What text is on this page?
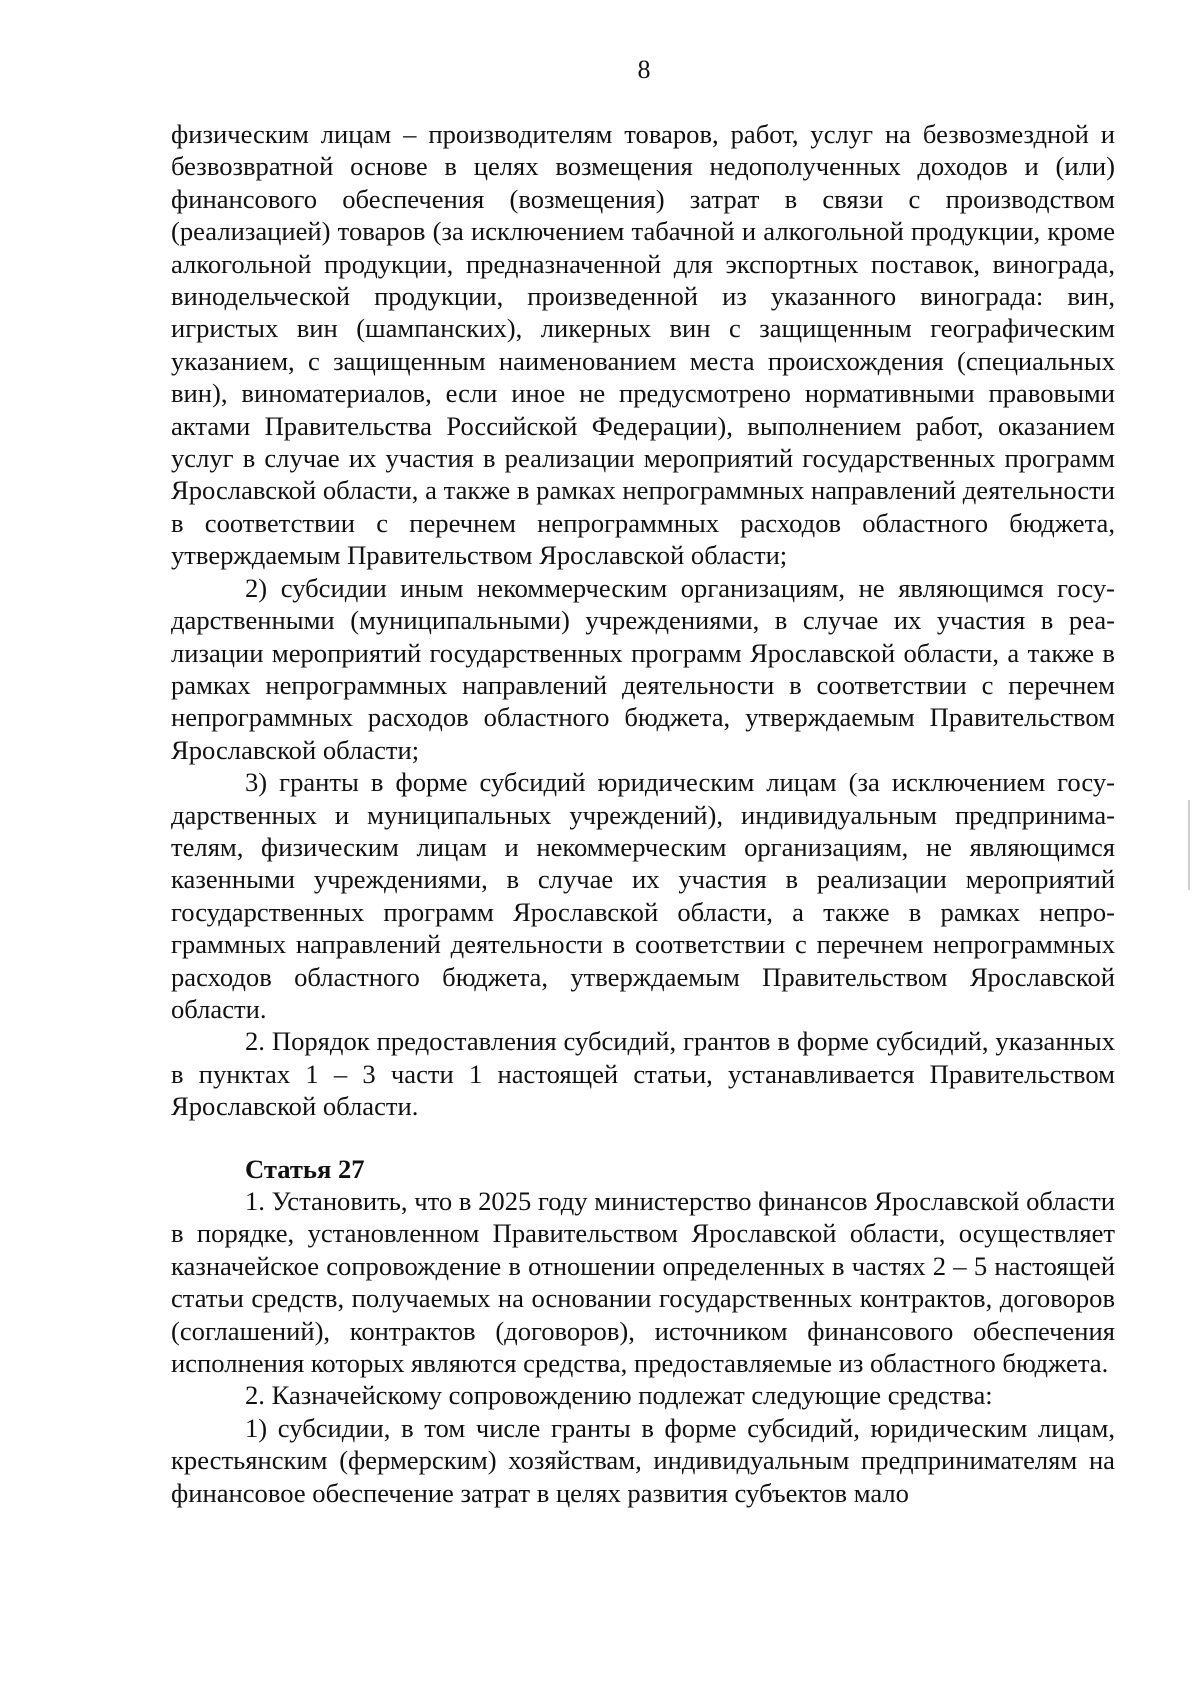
8

физическим лицам – производителям товаров, работ, услуг на безвозмездной и безвозвратной основе в целях возмещения недополученных доходов и (или) финансового обеспечения (возмещения) затрат в связи с производством (реализацией) товаров (за исключением табачной и алкогольной продукции, кроме алкогольной продукции, предназначенной для экспортных поставок, винограда, винодельческой продукции, произведенной из указанного винограда: вин, игристых вин (шампанских), ликерных вин с защищенным географическим указанием, с защищенным наименованием места происхождения (специальных вин), виноматериалов, если иное не предусмотрено нормативными правовыми актами Правительства Российской Федерации), выполнением работ, оказанием услуг в случае их участия в реализации мероприятий государственных программ Ярославской области, а также в рамках непрограммных направлений деятельности в соответствии с перечнем непрограммных расходов областного бюджета, утверждаемым Правительством Ярославской области;

2) субсидии иным некоммерческим организациям, не являющимся государственными (муниципальными) учреждениями, в случае их участия в реализации мероприятий государственных программ Ярославской области, а также в рамках непрограммных направлений деятельности в соответствии с перечнем непрограммных расходов областного бюджета, утверждаемым Правительством Ярославской области;

3) гранты в форме субсидий юридическим лицам (за исключением государственных и муниципальных учреждений), индивидуальным предпринимателям, физическим лицам и некоммерческим организациям, не являющимся казенными учреждениями, в случае их участия в реализации мероприятий государственных программ Ярославской области, а также в рамках непрограммных направлений деятельности в соответствии с перечнем непрограммных расходов областного бюджета, утверждаемым Правительством Ярославской области.

2. Порядок предоставления субсидий, грантов в форме субсидий, указанных в пунктах 1 – 3 части 1 настоящей статьи, устанавливается Правительством Ярославской области.

Статья 27

1. Установить, что в 2025 году министерство финансов Ярославской области в порядке, установленном Правительством Ярославской области, осуществляет казначейское сопровождение в отношении определенных в частях 2 – 5 настоящей статьи средств, получаемых на основании государственных контрактов, договоров (соглашений), контрактов (договоров), источником финансового обеспечения исполнения которых являются средства, предоставляемые из областного бюджета.

2. Казначейскому сопровождению подлежат следующие средства:

1) субсидии, в том числе гранты в форме субсидий, юридическим лицам, крестьянским (фермерским) хозяйствам, индивидуальным предпринимателям на финансовое обеспечение затрат в целях развития субъектов мало
